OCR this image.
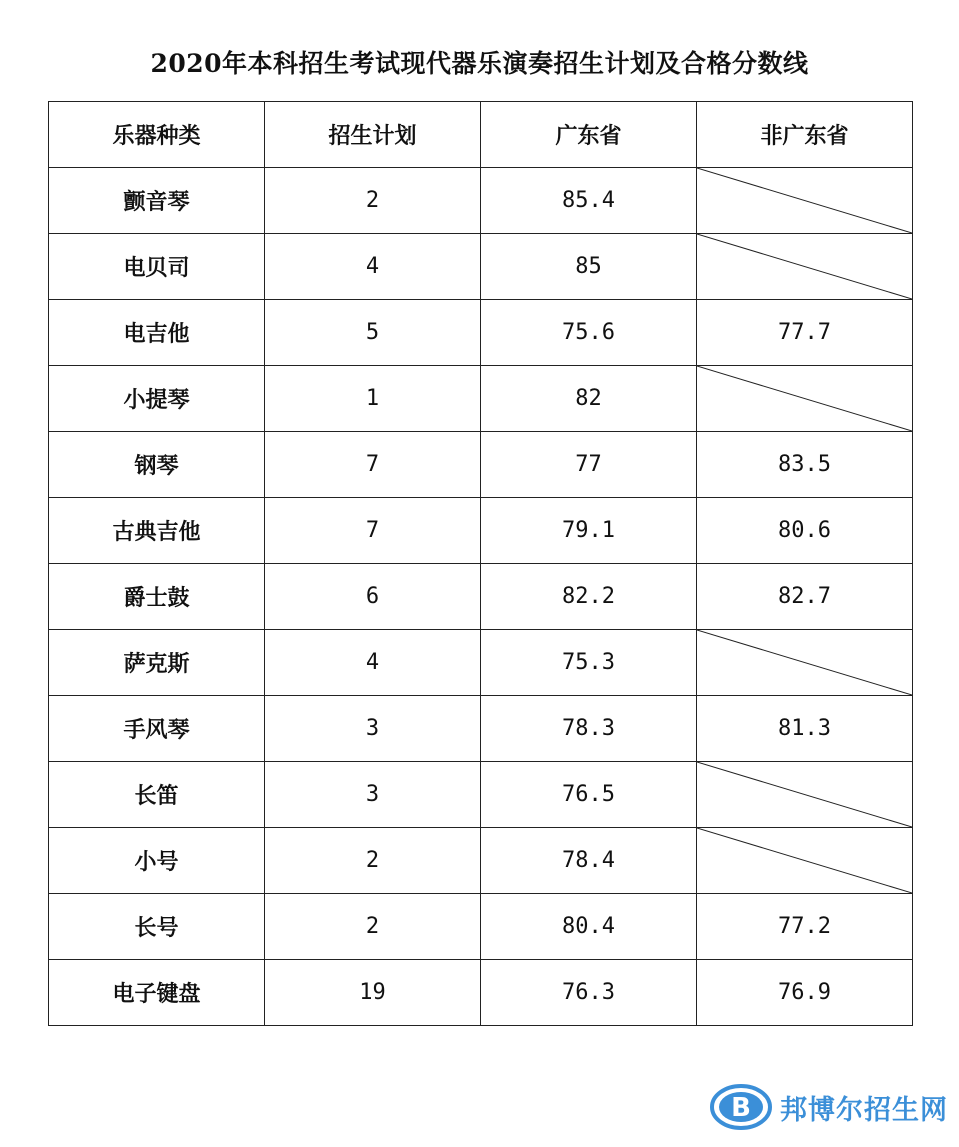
2020年本科招生考试现代器乐演奏招生计划及合格分数线
乐器种类	招生计划	广东省	非广东省
颤音琴	2	85.4	

电贝司	4	85	

电吉他	5	75.6	77.7
小提琴	1	82	

钢琴	7	77	83.5
古典吉他	7	79.1	80.6
爵士鼓	6	82.2	82.7
萨克斯	4	75.3	

手风琴	3	78.3	81.3
长笛	3	76.5	

小号	2	78.4	

长号	2	80.4	77.2
电子键盘	19	76.3	76.9
B 邦博尔招生网
